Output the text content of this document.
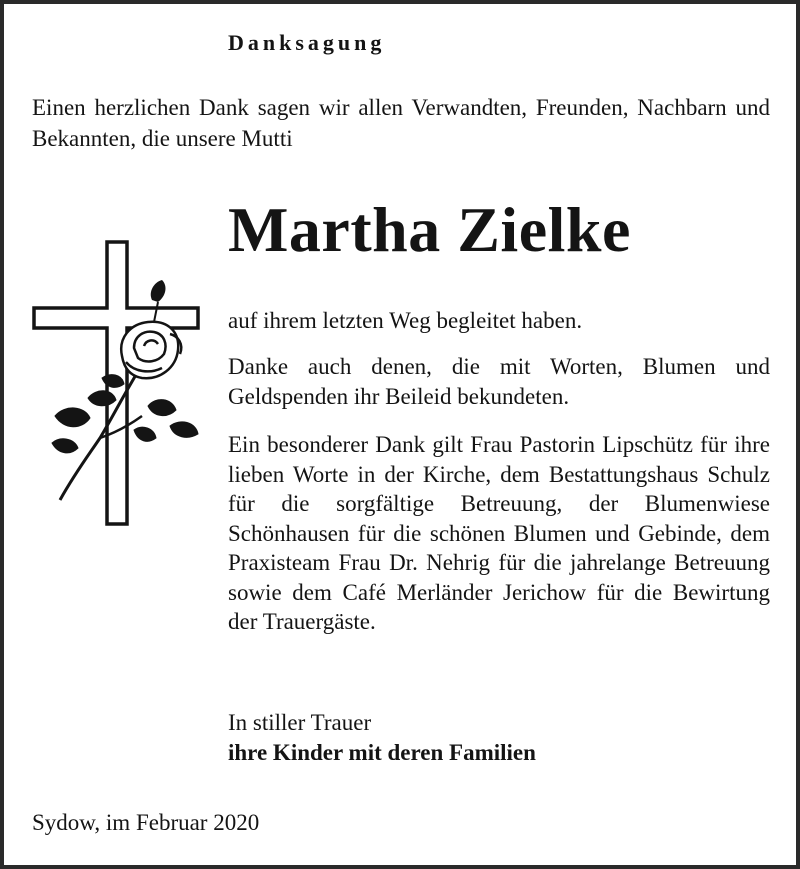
Danksagung
Einen herzlichen Dank sagen wir allen Verwandten, Freunden, Nachbarn und Bekannten, die unsere Mutti
Martha Zielke
auf ihrem letzten Weg begleitet haben.
Danke auch denen, die mit Worten, Blumen und Geldspenden ihr Beileid bekundeten.
Ein besonderer Dank gilt Frau Pastorin Lipschütz für ihre lieben Worte in der Kirche, dem Bestattungshaus Schulz für die sorgfältige Betreuung, der Blumenwiese Schönhausen für die schönen Blumen und Gebinde, dem Praxisteam Frau Dr. Nehrig für die jahrelange Betreuung sowie dem Café Merländer Jerichow für die Bewirtung der Trauergäste.
In stiller Trauer
ihre Kinder mit deren Familien
Sydow, im Februar 2020
